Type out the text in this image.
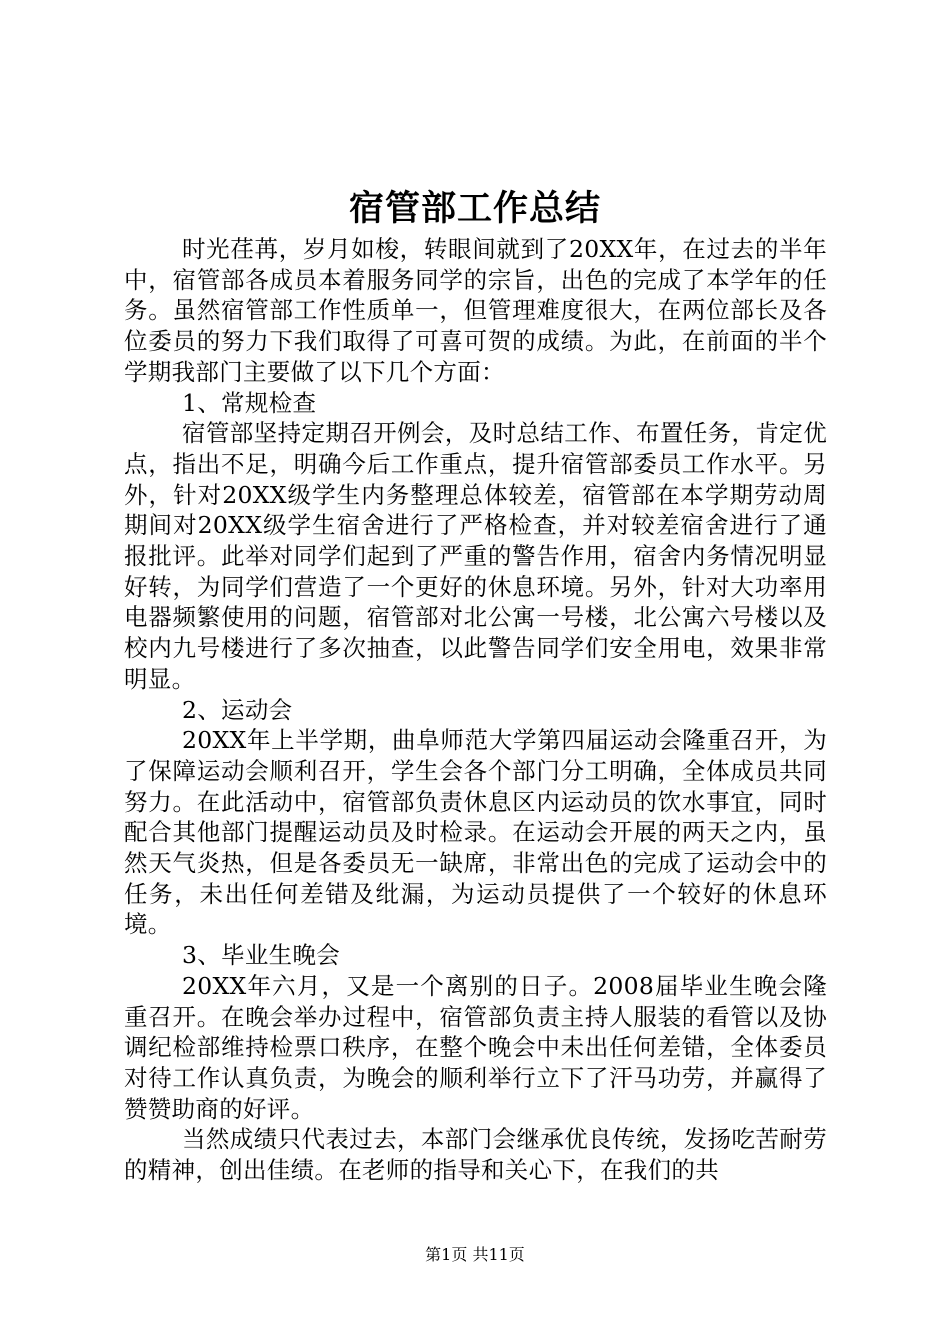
宿管部工作总结

时光荏苒，岁月如梭，转眼间就到了20XX年，在过去的半年中，宿管部各成员本着服务同学的宗旨，出色的完成了本学年的任务。虽然宿管部工作性质单一，但管理难度很大，在两位部长及各位委员的努力下我们取得了可喜可贺的成绩。为此，在前面的半个学期我部门主要做了以下几个方面：

1、常规检查

宿管部坚持定期召开例会，及时总结工作、布置任务，肯定优点，指出不足，明确今后工作重点，提升宿管部委员工作水平。另外，针对20XX级学生内务整理总体较差，宿管部在本学期劳动周期间对20XX级学生宿舍进行了严格检查，并对较差宿舍进行了通报批评。此举对同学们起到了严重的警告作用，宿舍内务情况明显好转，为同学们营造了一个更好的休息环境。另外，针对大功率用电器频繁使用的问题，宿管部对北公寓一号楼，北公寓六号楼以及校内九号楼进行了多次抽查，以此警告同学们安全用电，效果非常明显。

2、运动会

20XX年上半学期，曲阜师范大学第四届运动会隆重召开，为了保障运动会顺利召开，学生会各个部门分工明确，全体成员共同努力。在此活动中，宿管部负责休息区内运动员的饮水事宜，同时配合其他部门提醒运动员及时检录。在运动会开展的两天之内，虽然天气炎热，但是各委员无一缺席，非常出色的完成了运动会中的任务，未出任何差错及纰漏，为运动员提供了一个较好的休息环境。

3、毕业生晚会

20XX年六月，又是一个离别的日子。2008届毕业生晚会隆重召开。在晚会举办过程中，宿管部负责主持人服装的看管以及协调纪检部维持检票口秩序，在整个晚会中未出任何差错，全体委员对待工作认真负责，为晚会的顺利举行立下了汗马功劳，并赢得了赞赞助商的好评。

当然成绩只代表过去，本部门会继承优良传统，发扬吃苦耐劳的精神，创出佳绩。在老师的指导和关心下，在我们的共

第1页 共11页
